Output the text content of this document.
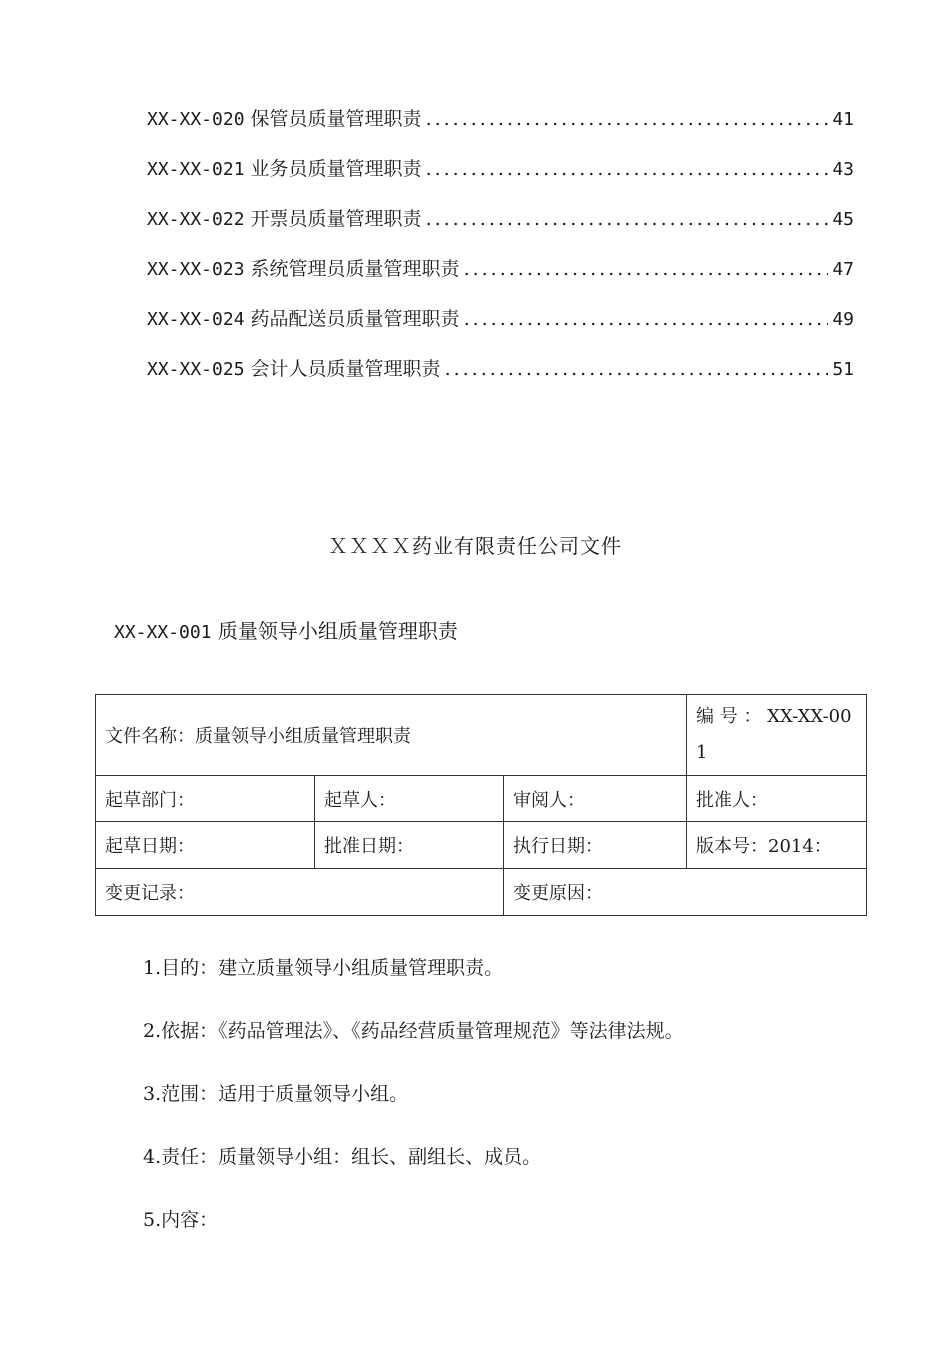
XX-XX-020 保管员质量管理职责 .....	41
XX-XX-021 业务员质量管理职责 .....	43
XX-XX-022 开票员质量管理职责 .....	45
XX-XX-023 系统管理员质量管理职责 .....	47
XX-XX-024 药品配送员质量管理职责 .....	49
XX-XX-025 会计人员质量管理职责 .....	51
ＸＸＸＸ药业有限责任公司文件
XX-XX-001 质量领导小组质量管理职责
文件名称：质量领导小组质量管理职责			编 号 ： XX-XX-001
起草部门：	起草人：	审阅人：	批准人：
起草日期：	批准日期：	执行日期：	版本号：2014：
变更记录：		变更原因：	

1.目的：建立质量领导小组质量管理职责。

2.依据：《药品管理法》、《药品经营质量管理规范》等法律法规。

3.范围：适用于质量领导小组。

4.责任：质量领导小组：组长、副组长、成员。

5.内容：
